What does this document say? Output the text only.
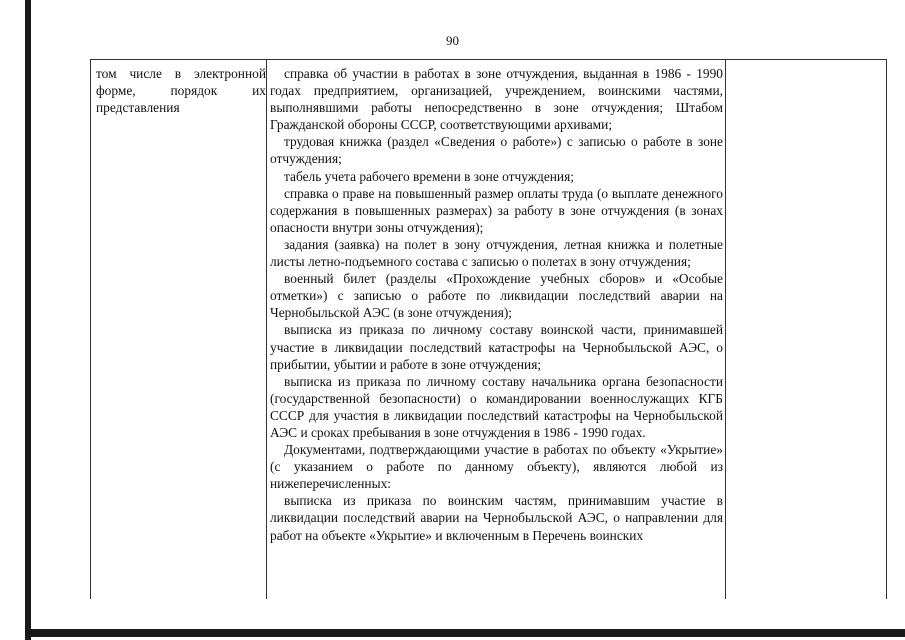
90

том числе в электронной

форме, порядок их

представления

справка об участии в работах в зоне отчуждения, выданная в 1986 - 1990 годах предприятием, организацией, учреждением, воинскими частями, выполнявшими работы непосредственно в зоне отчуждения; Штабом Гражданской обороны СССР, соответствующими архивами;

трудовая книжка (раздел «Сведения о работе») с записью о работе в зоне отчуждения;

табель учета рабочего времени в зоне отчуждения;

справка о праве на повышенный размер оплаты труда (о выплате денежного содержания в повышенных размерах) за работу в зоне отчуждения (в зонах опасности внутри зоны отчуждения);

задания (заявка) на полет в зону отчуждения, летная книжка и полетные листы летно-подъемного состава с записью о полетах в зону отчуждения;

военный билет (разделы «Прохождение учебных сборов» и «Особые отметки») с записью о работе по ликвидации последствий аварии на Чернобыльской АЭС (в зоне отчуждения);

выписка из приказа по личному составу воинской части, принимавшей участие в ликвидации последствий катастрофы на Чернобыльской АЭС, о прибытии, убытии и работе в зоне отчуждения;

выписка из приказа по личному составу начальника органа безопасности (государственной безопасности) о командировании военнослужащих КГБ СССР для участия в ликвидации последствий катастрофы на Чернобыльской АЭС и сроках пребывания в зоне отчуждения в 1986 - 1990 годах.

Документами, подтверждающими участие в работах по объекту «Укрытие» (с указанием о работе по данному объекту), являются любой из нижеперечисленных:

выписка из приказа по воинским частям, принимавшим участие в ликвидации последствий аварии на Чернобыльской АЭС, о направлении для работ на объекте «Укрытие» и включенным в Перечень воинских
